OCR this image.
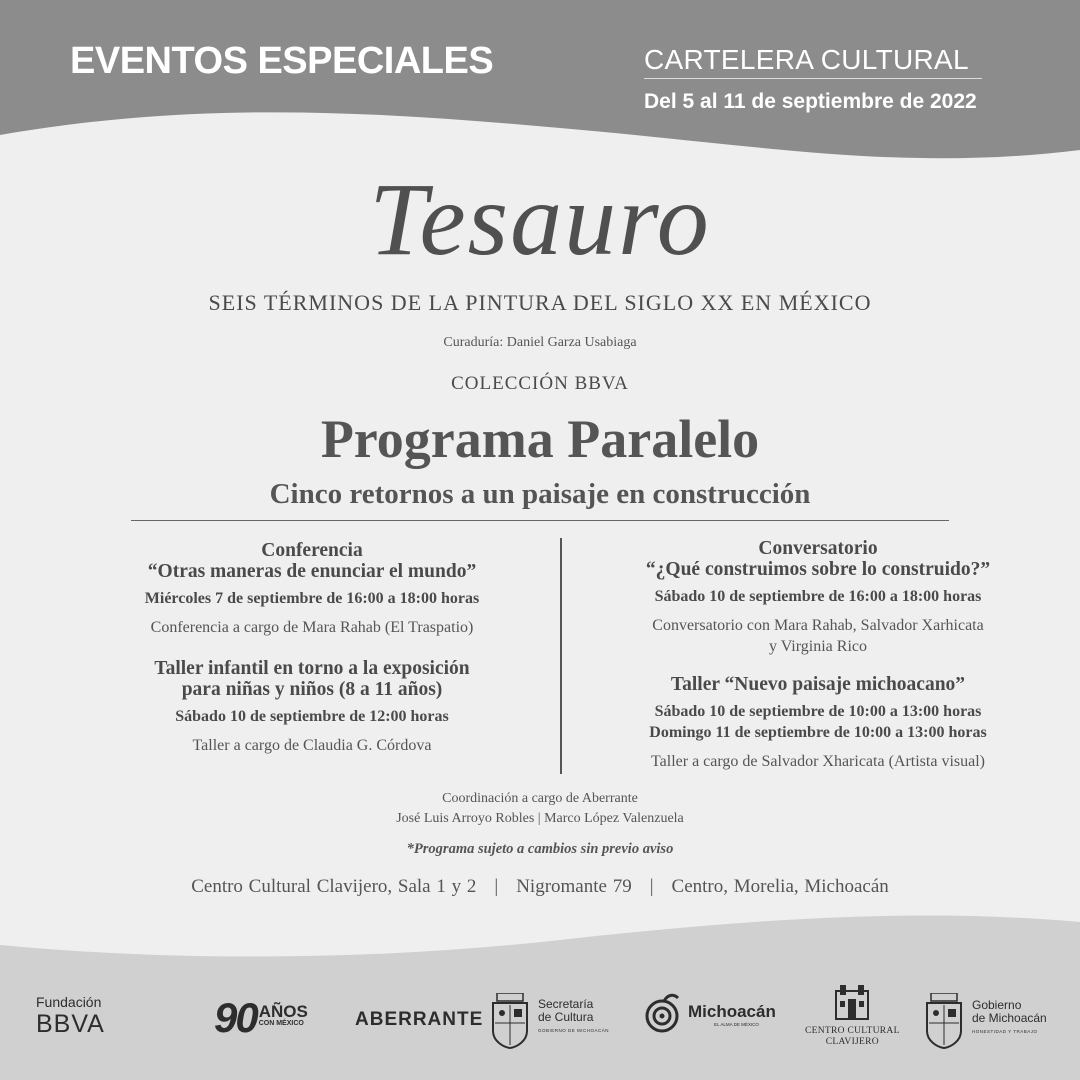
EVENTOS ESPECIALES	CARTELERA CULTURAL
Del 5 al 11 de septiembre de 2022
Tesauro
SEIS TÉRMINOS DE LA PINTURA DEL SIGLO XX EN MÉXICO
Curaduría: Daniel Garza Usabiaga
COLECCIÓN BBVA
Programa Paralelo
Cinco retornos a un paisaje en construcción
Conferencia
“Otras maneras de enunciar el mundo”
Miércoles 7 de septiembre de 16:00 a 18:00 horas
Conferencia a cargo de Mara Rahab (El Traspatio)
Taller infantil en torno a la exposición
para niñas y niños (8 a 11 años)
Sábado 10 de septiembre de 12:00 horas
Taller a cargo de Claudia G. Córdova
Conversatorio
“¿Qué construimos sobre lo construido?”
Sábado 10 de septiembre de 16:00 a 18:00 horas
Conversatorio con Mara Rahab, Salvador Xarhicata
y Virginia Rico
Taller “Nuevo paisaje michoacano”
Sábado 10 de septiembre de 10:00 a 13:00 horas
Domingo 11 de septiembre de 10:00 a 13:00 horas
Taller a cargo de Salvador Xharicata (Artista visual)
Coordinación a cargo de Aberrante
José Luis Arroyo Robles | Marco López Valenzuela
*Programa sujeto a cambios sin previo aviso
Centro Cultural Clavijero, Sala 1 y 2 | Nigromante 79 | Centro, Morelia, Michoacán
Fundación
BBVA	90 AÑOS
CON MÉXICO	ABERRANTE
Secretaría
de Cultura
GOBIERNO DE MICHOACÁN
Michoacán
EL ALMA DE MÉXICO
CENTRO CULTURAL
CLAVIJERO
Gobierno
de Michoacán
HONESTIDAD Y TRABAJO
